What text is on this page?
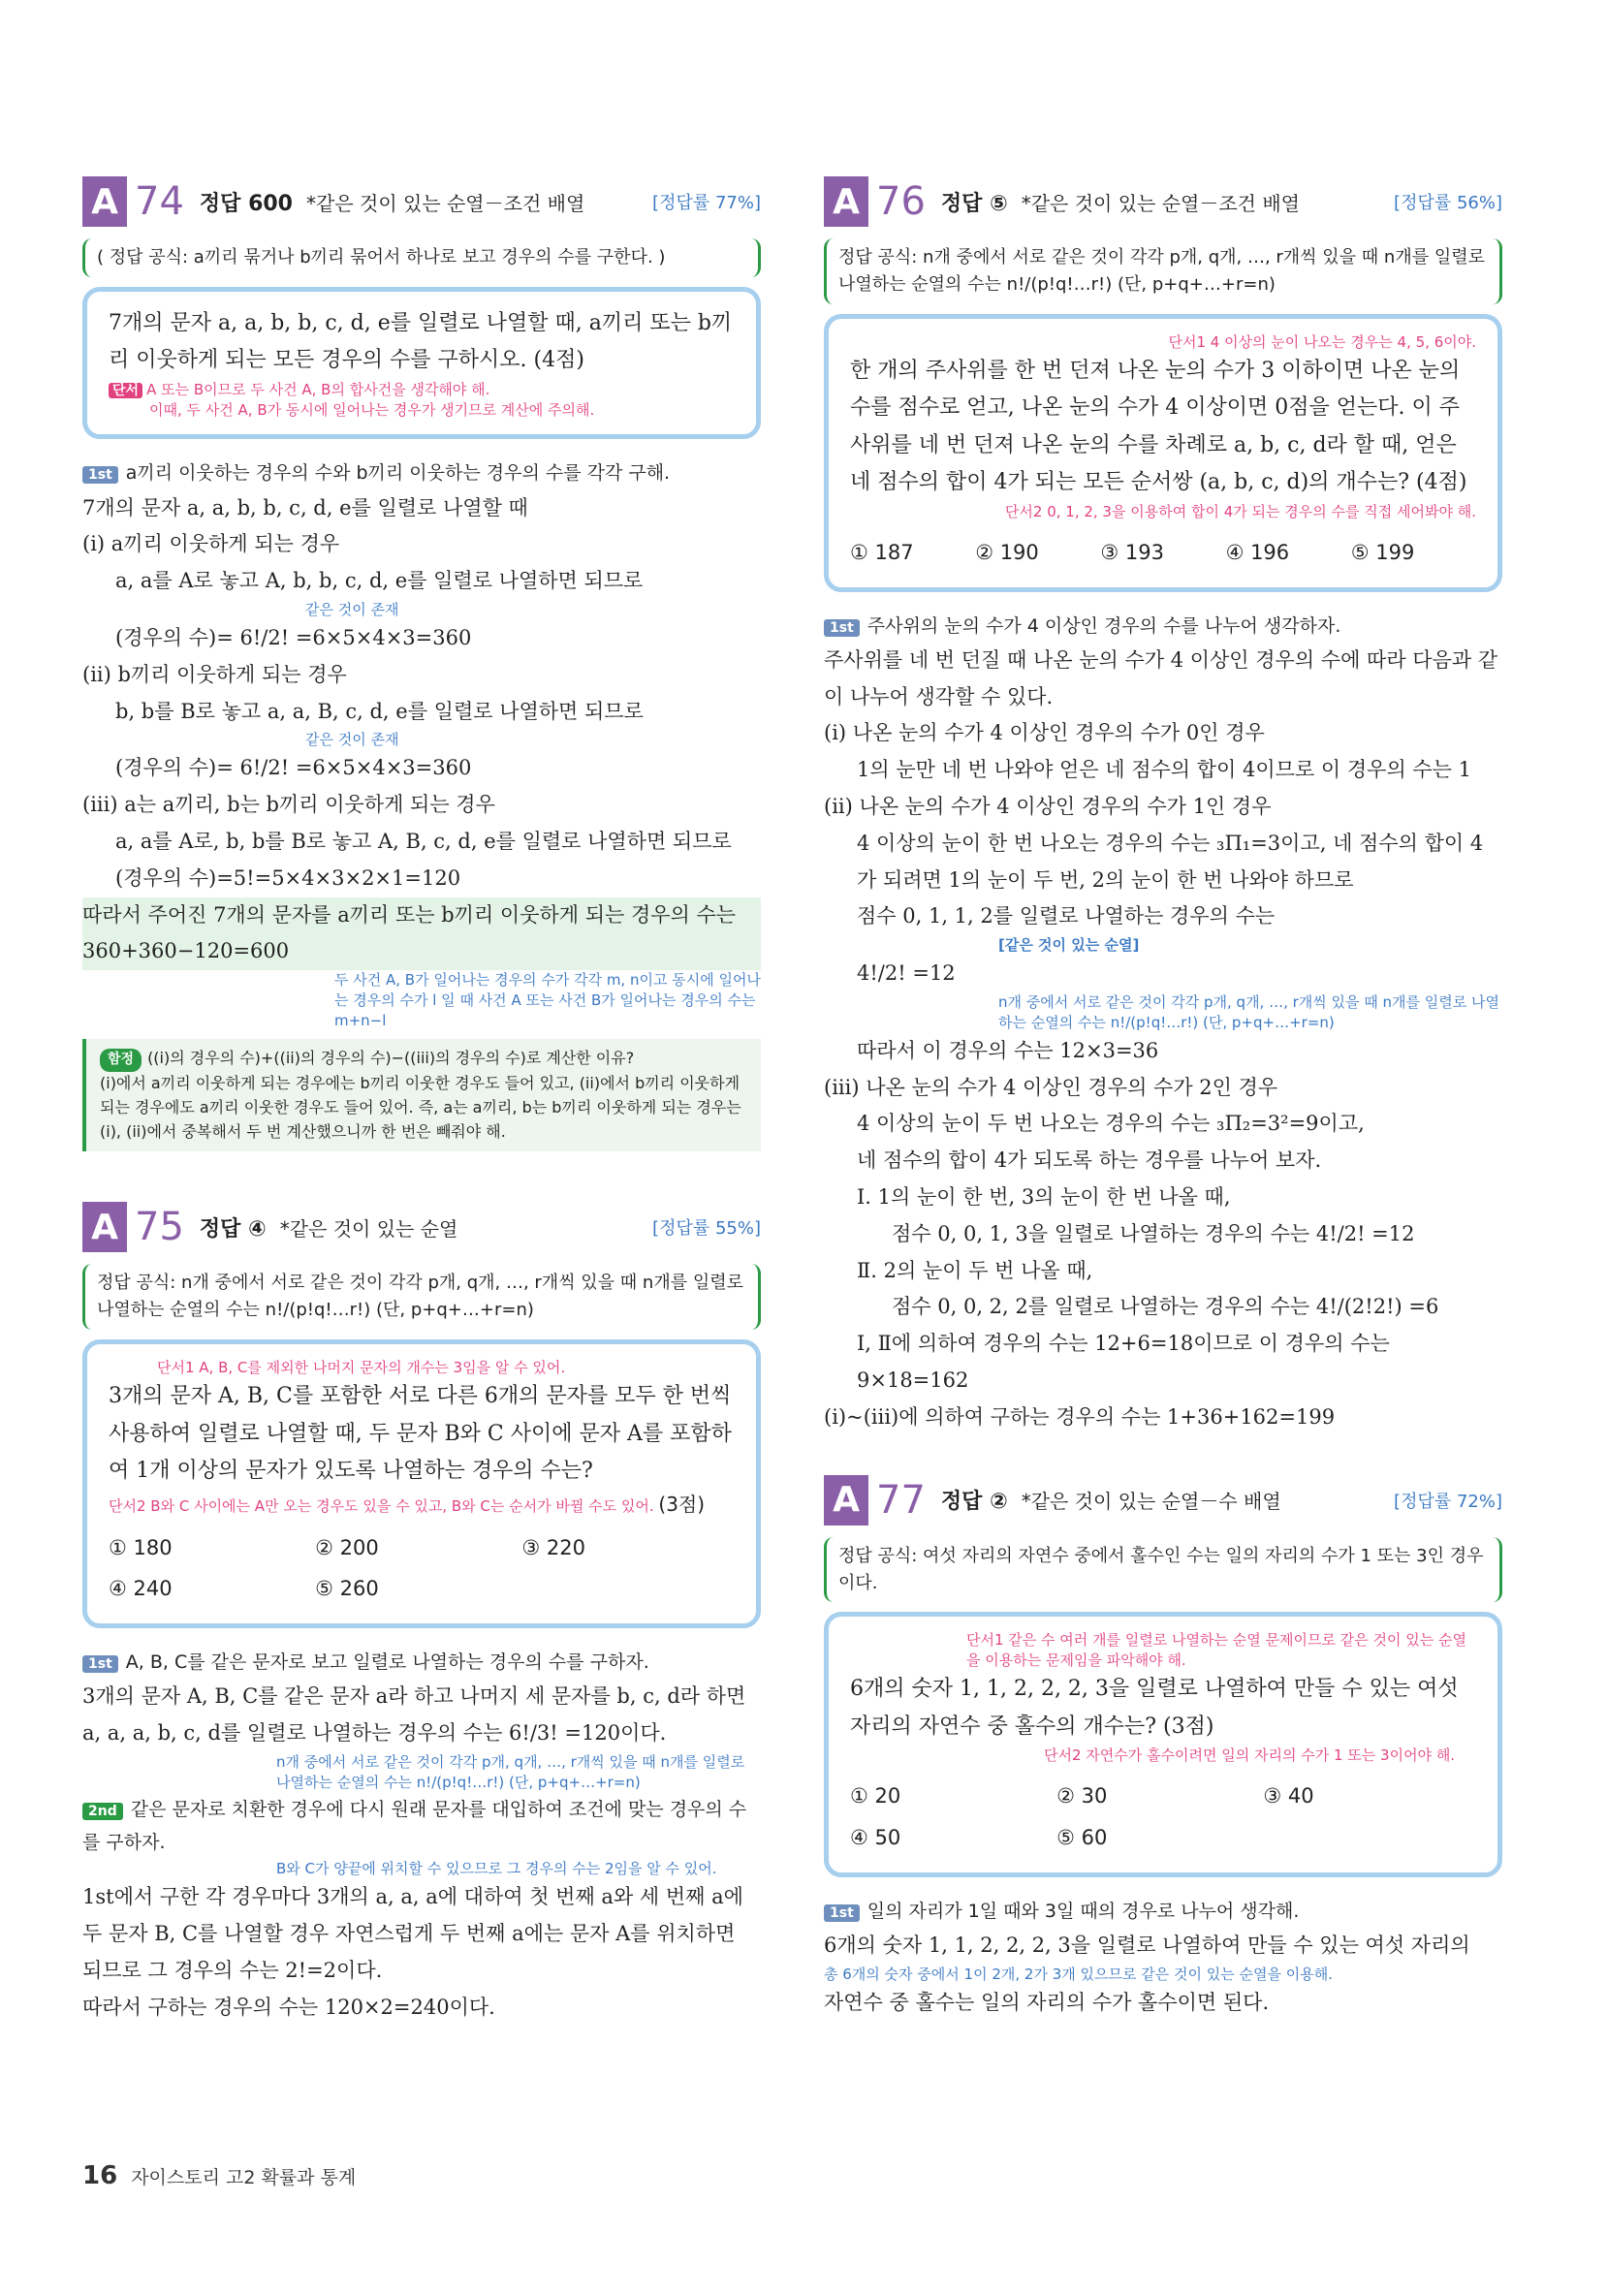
A 74 정답 600 *같은 것이 있는 순열－조건 배열	[정답률 77%]
( 정답 공식: a끼리 묶거나 b끼리 묶어서 하나로 보고 경우의 수를 구한다. )
7개의 문자 a, a, b, b, c, d, e를 일렬로 나열할 때, a끼리 또는 b끼리 이웃하게 되는 모든 경우의 수를 구하시오. (4점)
단서 A 또는 B이므로 두 사건 A, B의 합사건을 생각해야 해.
이때, 두 사건 A, B가 동시에 일어나는 경우가 생기므로 계산에 주의해.
1st a끼리 이웃하는 경우의 수와 b끼리 이웃하는 경우의 수를 각각 구해.
7개의 문자 a, a, b, b, c, d, e를 일렬로 나열할 때
(i) a끼리 이웃하게 되는 경우
a, a를 A로 놓고 A, b, b, c, d, e를 일렬로 나열하면 되므로
같은 것이 존재
(경우의 수)= 6!/2! =6×5×4×3=360
(ii) b끼리 이웃하게 되는 경우
b, b를 B로 놓고 a, a, B, c, d, e를 일렬로 나열하면 되므로
같은 것이 존재
(경우의 수)= 6!/2! =6×5×4×3=360
(iii) a는 a끼리, b는 b끼리 이웃하게 되는 경우
a, a를 A로, b, b를 B로 놓고 A, B, c, d, e를 일렬로 나열하면 되므로 (경우의 수)=5!=5×4×3×2×1=120
따라서 주어진 7개의 문자를 a끼리 또는 b끼리 이웃하게 되는 경우의 수는 360+360−120=600
두 사건 A, B가 일어나는 경우의 수가 각각 m, n이고 동시에 일어나는 경우의 수가 l 일 때 사건 A 또는 사건 B가 일어나는 경우의 수는 m+n−l
함정 ((i)의 경우의 수)+((ii)의 경우의 수)−((iii)의 경우의 수)로 계산한 이유?
(i)에서 a끼리 이웃하게 되는 경우에는 b끼리 이웃한 경우도 들어 있고, (ii)에서 b끼리 이웃하게 되는 경우에도 a끼리 이웃한 경우도 들어 있어. 즉, a는 a끼리, b는 b끼리 이웃하게 되는 경우는 (i), (ii)에서 중복해서 두 번 계산했으니까 한 번은 빼줘야 해.
A 75 정답 ④ *같은 것이 있는 순열	[정답률 55%]
정답 공식: n개 중에서 서로 같은 것이 각각 p개, q개, …, r개씩 있을 때 n개를 일렬로 나열하는 순열의 수는 n!/(p!q!…r!) (단, p+q+…+r=n)
단서1 A, B, C를 제외한 나머지 문자의 개수는 3임을 알 수 있어.
3개의 문자 A, B, C를 포함한 서로 다른 6개의 문자를 모두 한 번씩 사용하여 일렬로 나열할 때, 두 문자 B와 C 사이에 문자 A를 포함하여 1개 이상의 문자가 있도록 나열하는 경우의 수는?
단서2 B와 C 사이에는 A만 오는 경우도 있을 수 있고, B와 C는 순서가 바뀔 수도 있어. (3점)
① 180	② 200	③ 220
④ 240	⑤ 260
1st A, B, C를 같은 문자로 보고 일렬로 나열하는 경우의 수를 구하자.
3개의 문자 A, B, C를 같은 문자 a라 하고 나머지 세 문자를 b, c, d라 하면 a, a, a, b, c, d를 일렬로 나열하는 경우의 수는 6!/3! =120이다.
n개 중에서 서로 같은 것이 각각 p개, q개, …, r개씩 있을 때 n개를 일렬로 나열하는 순열의 수는 n!/(p!q!…r!) (단, p+q+…+r=n)
2nd 같은 문자로 치환한 경우에 다시 원래 문자를 대입하여 조건에 맞는 경우의 수를 구하자.
B와 C가 양끝에 위치할 수 있으므로 그 경우의 수는 2임을 알 수 있어.
1st에서 구한 각 경우마다 3개의 a, a, a에 대하여 첫 번째 a와 세 번째 a에 두 문자 B, C를 나열할 경우 자연스럽게 두 번째 a에는 문자 A를 위치하면 되므로 그 경우의 수는 2!=2이다.
따라서 구하는 경우의 수는 120×2=240이다.
A 76 정답 ⑤ *같은 것이 있는 순열－조건 배열	[정답률 56%]
정답 공식: n개 중에서 서로 같은 것이 각각 p개, q개, …, r개씩 있을 때 n개를 일렬로 나열하는 순열의 수는 n!/(p!q!…r!) (단, p+q+…+r=n)
단서1 4 이상의 눈이 나오는 경우는 4, 5, 6이야.
한 개의 주사위를 한 번 던져 나온 눈의 수가 3 이하이면 나온 눈의 수를 점수로 얻고, 나온 눈의 수가 4 이상이면 0점을 얻는다. 이 주사위를 네 번 던져 나온 눈의 수를 차례로 a, b, c, d라 할 때, 얻은 네 점수의 합이 4가 되는 모든 순서쌍 (a, b, c, d)의 개수는? (4점)
단서2 0, 1, 2, 3을 이용하여 합이 4가 되는 경우의 수를 직접 세어봐야 해.
① 187	② 190	③ 193	④ 196	⑤ 199
1st 주사위의 눈의 수가 4 이상인 경우의 수를 나누어 생각하자.
주사위를 네 번 던질 때 나온 눈의 수가 4 이상인 경우의 수에 따라 다음과 같이 나누어 생각할 수 있다.
(i) 나온 눈의 수가 4 이상인 경우의 수가 0인 경우
1의 눈만 네 번 나와야 얻은 네 점수의 합이 4이므로 이 경우의 수는 1
(ii) 나온 눈의 수가 4 이상인 경우의 수가 1인 경우
4 이상의 눈이 한 번 나오는 경우의 수는 ₃Π₁=3이고, 네 점수의 합이 4가 되려면 1의 눈이 두 번, 2의 눈이 한 번 나와야 하므로
점수 0, 1, 1, 2를 일렬로 나열하는 경우의 수는
[같은 것이 있는 순열]
4!/2! =12
n개 중에서 서로 같은 것이 각각 p개, q개, …, r개씩 있을 때 n개를 일렬로 나열하는 순열의 수는 n!/(p!q!…r!) (단, p+q+…+r=n)
따라서 이 경우의 수는 12×3=36
(iii) 나온 눈의 수가 4 이상인 경우의 수가 2인 경우
4 이상의 눈이 두 번 나오는 경우의 수는 ₃Π₂=3²=9이고,
네 점수의 합이 4가 되도록 하는 경우를 나누어 보자.
Ⅰ. 1의 눈이 한 번, 3의 눈이 한 번 나올 때,
점수 0, 0, 1, 3을 일렬로 나열하는 경우의 수는 4!/2! =12
Ⅱ. 2의 눈이 두 번 나올 때,
점수 0, 0, 2, 2를 일렬로 나열하는 경우의 수는 4!/(2!2!) =6
Ⅰ, Ⅱ에 의하여 경우의 수는 12+6=18이므로 이 경우의 수는
9×18=162
(i)~(iii)에 의하여 구하는 경우의 수는 1+36+162=199
A 77 정답 ② *같은 것이 있는 순열－수 배열	[정답률 72%]
정답 공식: 여섯 자리의 자연수 중에서 홀수인 수는 일의 자리의 수가 1 또는 3인 경우이다.
단서1 같은 수 여러 개를 일렬로 나열하는 순열 문제이므로 같은 것이 있는 순열을 이용하는 문제임을 파악해야 해.
6개의 숫자 1, 1, 2, 2, 2, 3을 일렬로 나열하여 만들 수 있는 여섯 자리의 자연수 중 홀수의 개수는? (3점)
단서2 자연수가 홀수이려면 일의 자리의 수가 1 또는 3이어야 해.
① 20	② 30	③ 40
④ 50	⑤ 60
1st 일의 자리가 1일 때와 3일 때의 경우로 나누어 생각해.
6개의 숫자 1, 1, 2, 2, 2, 3을 일렬로 나열하여 만들 수 있는 여섯 자리의
총 6개의 숫자 중에서 1이 2개, 2가 3개 있으므로 같은 것이 있는 순열을 이용해.
자연수 중 홀수는 일의 자리의 수가 홀수이면 된다.
16 자이스토리 고2 확률과 통계
